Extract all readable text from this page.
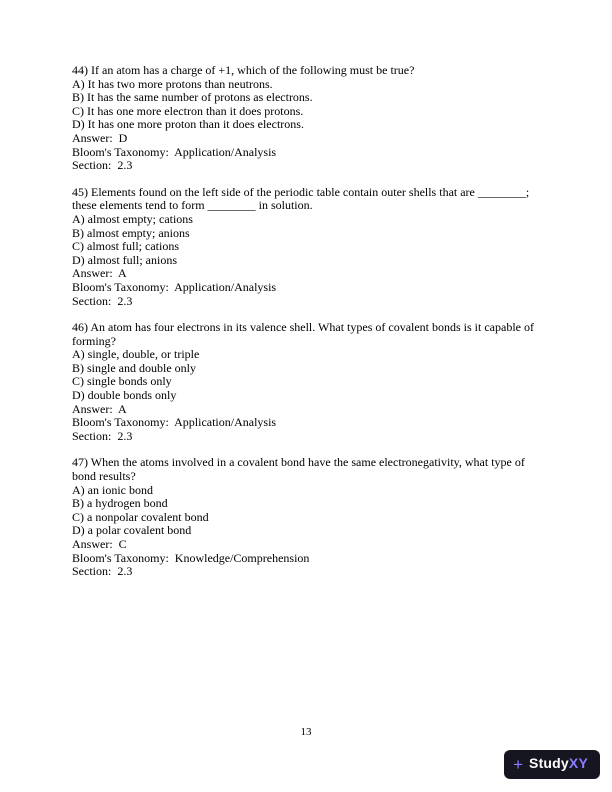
44) If an atom has a charge of +1, which of the following must be true?
A) It has two more protons than neutrons.
B) It has the same number of protons as electrons.
C) It has one more electron than it does protons.
D) It has one more proton than it does electrons.
Answer:  D
Bloom's Taxonomy:  Application/Analysis
Section:  2.3
45) Elements found on the left side of the periodic table contain outer shells that are ________; these elements tend to form ________ in solution.
A) almost empty; cations
B) almost empty; anions
C) almost full; cations
D) almost full; anions
Answer:  A
Bloom's Taxonomy:  Application/Analysis
Section:  2.3
46) An atom has four electrons in its valence shell. What types of covalent bonds is it capable of forming?
A) single, double, or triple
B) single and double only
C) single bonds only
D) double bonds only
Answer:  A
Bloom's Taxonomy:  Application/Analysis
Section:  2.3
47) When the atoms involved in a covalent bond have the same electronegativity, what type of bond results?
A) an ionic bond
B) a hydrogen bond
C) a nonpolar covalent bond
D) a polar covalent bond
Answer:  C
Bloom's Taxonomy:  Knowledge/Comprehension
Section:  2.3
13
+ StudyXY
